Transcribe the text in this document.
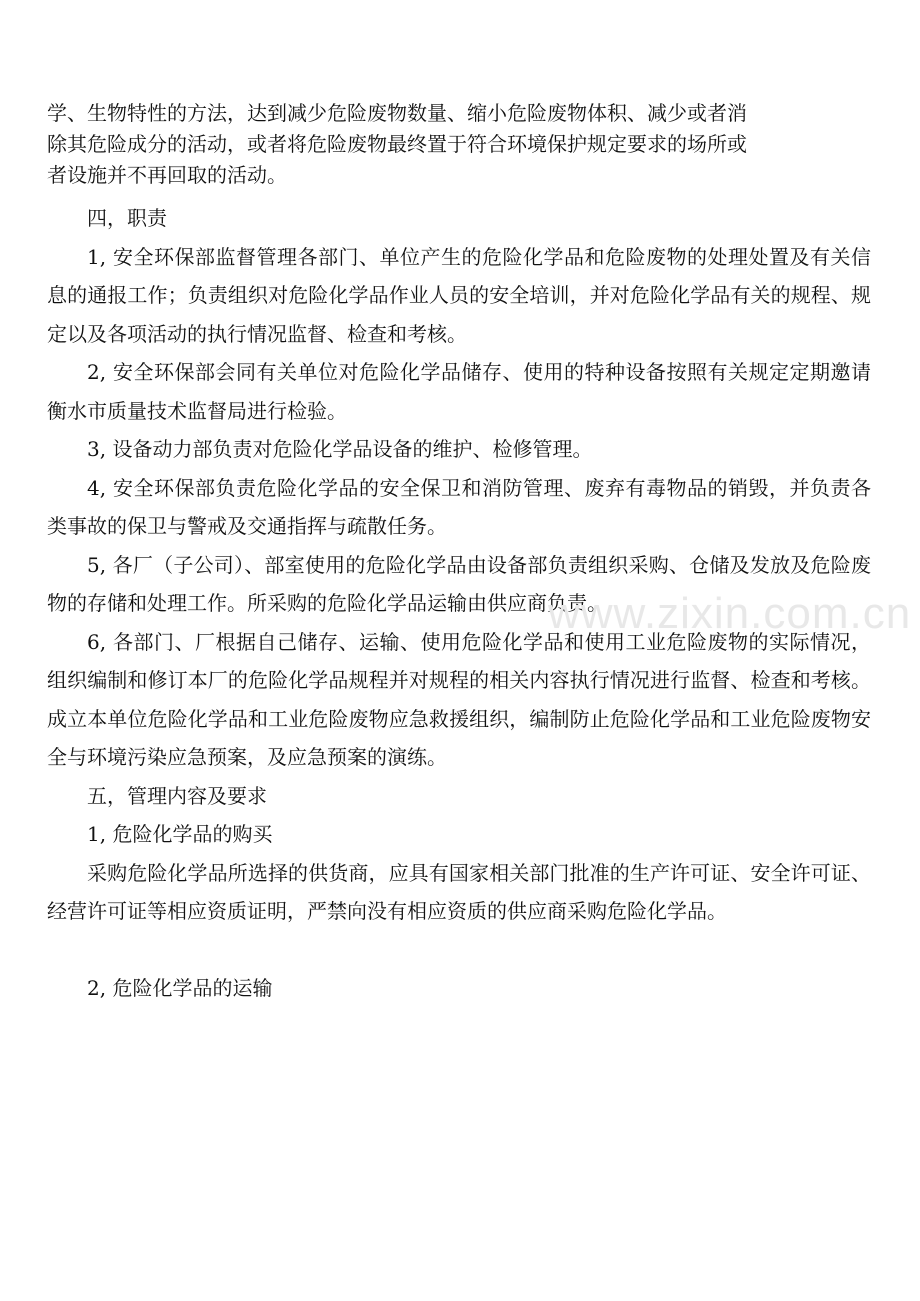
学、生物特性的方法，达到减少危险废物数量、缩小危险废物体积、减少或者消
除其危险成分的活动，或者将危险废物最终置于符合环境保护规定要求的场所或
者设施并不再回取的活动。

四，职责

1, 安全环保部监督管理各部门、单位产生的危险化学品和危险废物的处理处置及有关信息的通报工作；负责组织对危险化学品作业人员的安全培训，并对危险化学品有关的规程、规定以及各项活动的执行情况监督、检查和考核。

2, 安全环保部会同有关单位对危险化学品储存、使用的特种设备按照有关规定定期邀请衡水市质量技术监督局进行检验。

3, 设备动力部负责对危险化学品设备的维护、检修管理。

4, 安全环保部负责危险化学品的安全保卫和消防管理、废弃有毒物品的销毁，并负责各类事故的保卫与警戒及交通指挥与疏散任务。

5, 各厂（子公司）、部室使用的危险化学品由设备部负责组织采购、仓储及发放及危险废物的存储和处理工作。所采购的危险化学品运输由供应商负责。

6, 各部门、厂根据自己储存、运输、使用危险化学品和使用工业危险废物的实际情况，组织编制和修订本厂的危险化学品规程并对规程的相关内容执行情况进行监督、检查和考核。成立本单位危险化学品和工业危险废物应急救援组织，编制防止危险化学品和工业危险废物安全与环境污染应急预案，及应急预案的演练。

五，管理内容及要求

1, 危险化学品的购买

采购危险化学品所选择的供货商，应具有国家相关部门批准的生产许可证、安全许可证、经营许可证等相应资质证明，严禁向没有相应资质的供应商采购危险化学品。

2, 危险化学品的运输

www.zixin.com.cn
